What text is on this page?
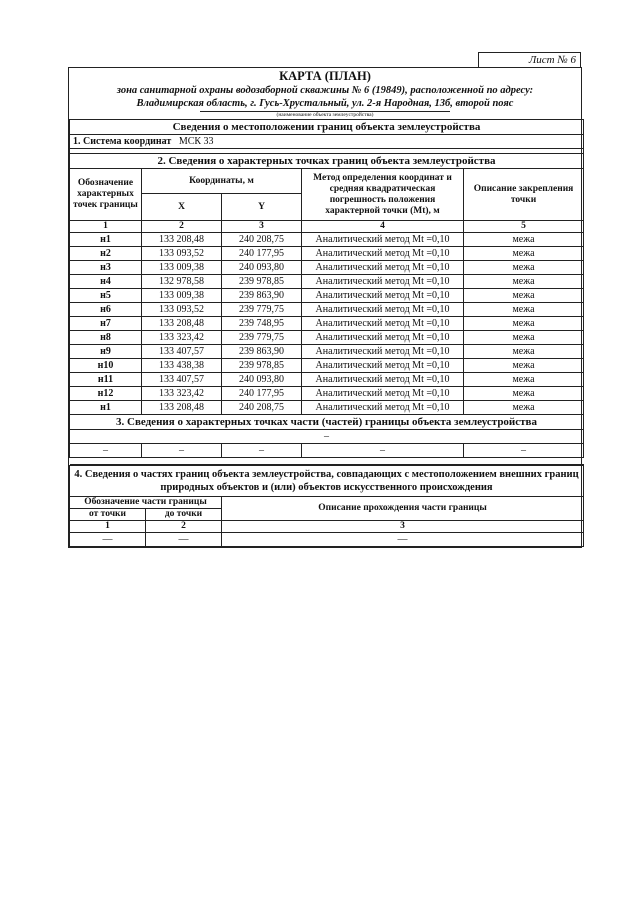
Лист № 6
КАРТА (ПЛАН)
зона санитарной охраны водозаборной скважины № 6 (19849), расположенной по адресу:
Владимирская область, г. Гусь-Хрустальный, ул. 2-я Народная, 13б, второй пояс
(наименование объекта землеустройства)
Сведения о местоположении границ объекта землеустройства				
1. Система координат МСК 33				

2. Сведения о характерных точках границ объекта землеустройства				
Обозначение характерных точек границы	Координаты, м		Метод определения координат и средняя квадратическая погрешность положения характерной точки (Mt), м	Описание закрепления точки
	X	Y		
1	2	3	4	5
н1	133 208,48	240 208,75	Аналитический метод Mt =0,10	межа
н2	133 093,52	240 177,95	Аналитический метод Mt =0,10	межа
н3	133 009,38	240 093,80	Аналитический метод Mt =0,10	межа
н4	132 978,58	239 978,85	Аналитический метод Mt =0,10	межа
н5	133 009,38	239 863,90	Аналитический метод Mt =0,10	межа
н6	133 093,52	239 779,75	Аналитический метод Mt =0,10	межа
н7	133 208,48	239 748,95	Аналитический метод Mt =0,10	межа
н8	133 323,42	239 779,75	Аналитический метод Mt =0,10	межа
н9	133 407,57	239 863,90	Аналитический метод Mt =0,10	межа
н10	133 438,38	239 978,85	Аналитический метод Mt =0,10	межа
н11	133 407,57	240 093,80	Аналитический метод Mt =0,10	межа
н12	133 323,42	240 177,95	Аналитический метод Mt =0,10	межа
н1	133 208,48	240 208,75	Аналитический метод Mt =0,10	межа
3. Сведения о характерных точках части (частей) границы объекта землеустройства				
–				
–	–	–	–	–

4. Сведения о частях границ объекта землеустройства, совпадающих с местоположением внешних границ природных объектов и (или) объектов искусственного происхождения		
Обозначение части границы		Описание прохождения части границы
от точки	до точки	
1	2	3
—	—	—
